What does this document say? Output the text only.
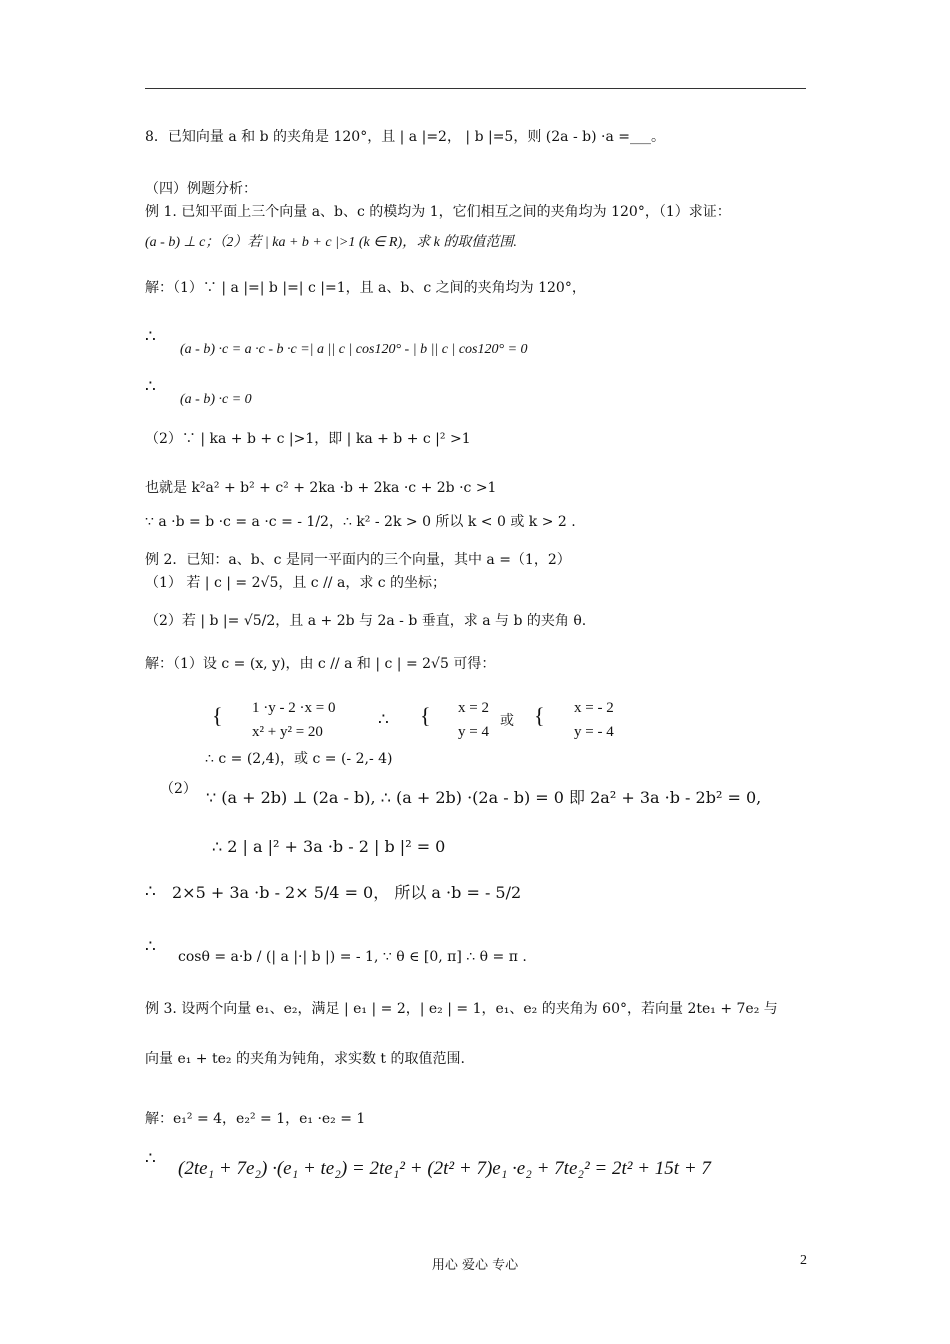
8．已知向量 a 和 b 的夹角是 120°，且 | a |=2， | b |=5，则 (2a - b) ·a =___。
（四）例题分析：
例 1. 已知平面上三个向量 a、b、c 的模均为 1，它们相互之间的夹角均为 120°，（1）求证：
(a - b) ⊥ c；（2）若 | ka + b + c |>1 (k ∈ R)，求 k 的取值范围.
解：（1）∵ | a |=| b |=| c |=1，且 a、b、c 之间的夹角均为 120°，
∴
(a - b) ·c = a ·c - b ·c =| a || c | cos120° - | b || c | cos120° = 0
∴
(a - b) ·c = 0
（2）∵ | ka + b + c |>1，即 | ka + b + c |² >1
也就是 k²a² + b² + c² + 2ka ·b + 2ka ·c + 2b ·c >1
∵ a ·b = b ·c = a ·c = - 1/2，∴ k² - 2k > 0 所以 k < 0 或 k > 2 .
例 2．已知：a、b、c 是同一平面内的三个向量，其中 a =（1，2）
（1） 若 | c | = 2√5，且 c // a，求 c 的坐标；
（2）若 | b |= √5/2，且 a + 2b 与 2a - b 垂直，求 a 与 b 的夹角 θ.
解：（1）设 c = (x, y)，由 c // a 和 | c | = 2√5 可得：
{ 1 ·y - 2 ·x = 0
x² + y² = 20
∴ { x = 2
y = 4
或 { x = - 2
y = - 4
∴ c = (2,4)，或 c = (- 2,- 4)
（2） ∵ (a + 2b) ⊥ (2a - b), ∴ (a + 2b) ·(2a - b) = 0 即 2a² + 3a ·b - 2b² = 0,
∴ 2 | a |² + 3a ·b - 2 | b |² = 0
∴ 2×5 + 3a ·b - 2× 5/4 = 0， 所以 a ·b = - 5/2
∴ cosθ = a·b / (| a |·| b |) = - 1, ∵ θ ∈ [0, π] ∴ θ = π .
例 3. 设两个向量 e₁、e₂，满足 | e₁ | = 2，| e₂ | = 1，e₁、e₂ 的夹角为 60°，若向量 2te₁ + 7e₂ 与
向量 e₁ + te₂ 的夹角为钝角，求实数 t 的取值范围.
解：e₁² = 4，e₂² = 1，e₁ ·e₂ = 1
∴ (2te₁ + 7e₂) ·(e₁ + te₂) = 2te₁² + (2t² + 7)e₁ ·e₂ + 7te₂² = 2t² + 15t + 7
用心 爱心 专心	2
